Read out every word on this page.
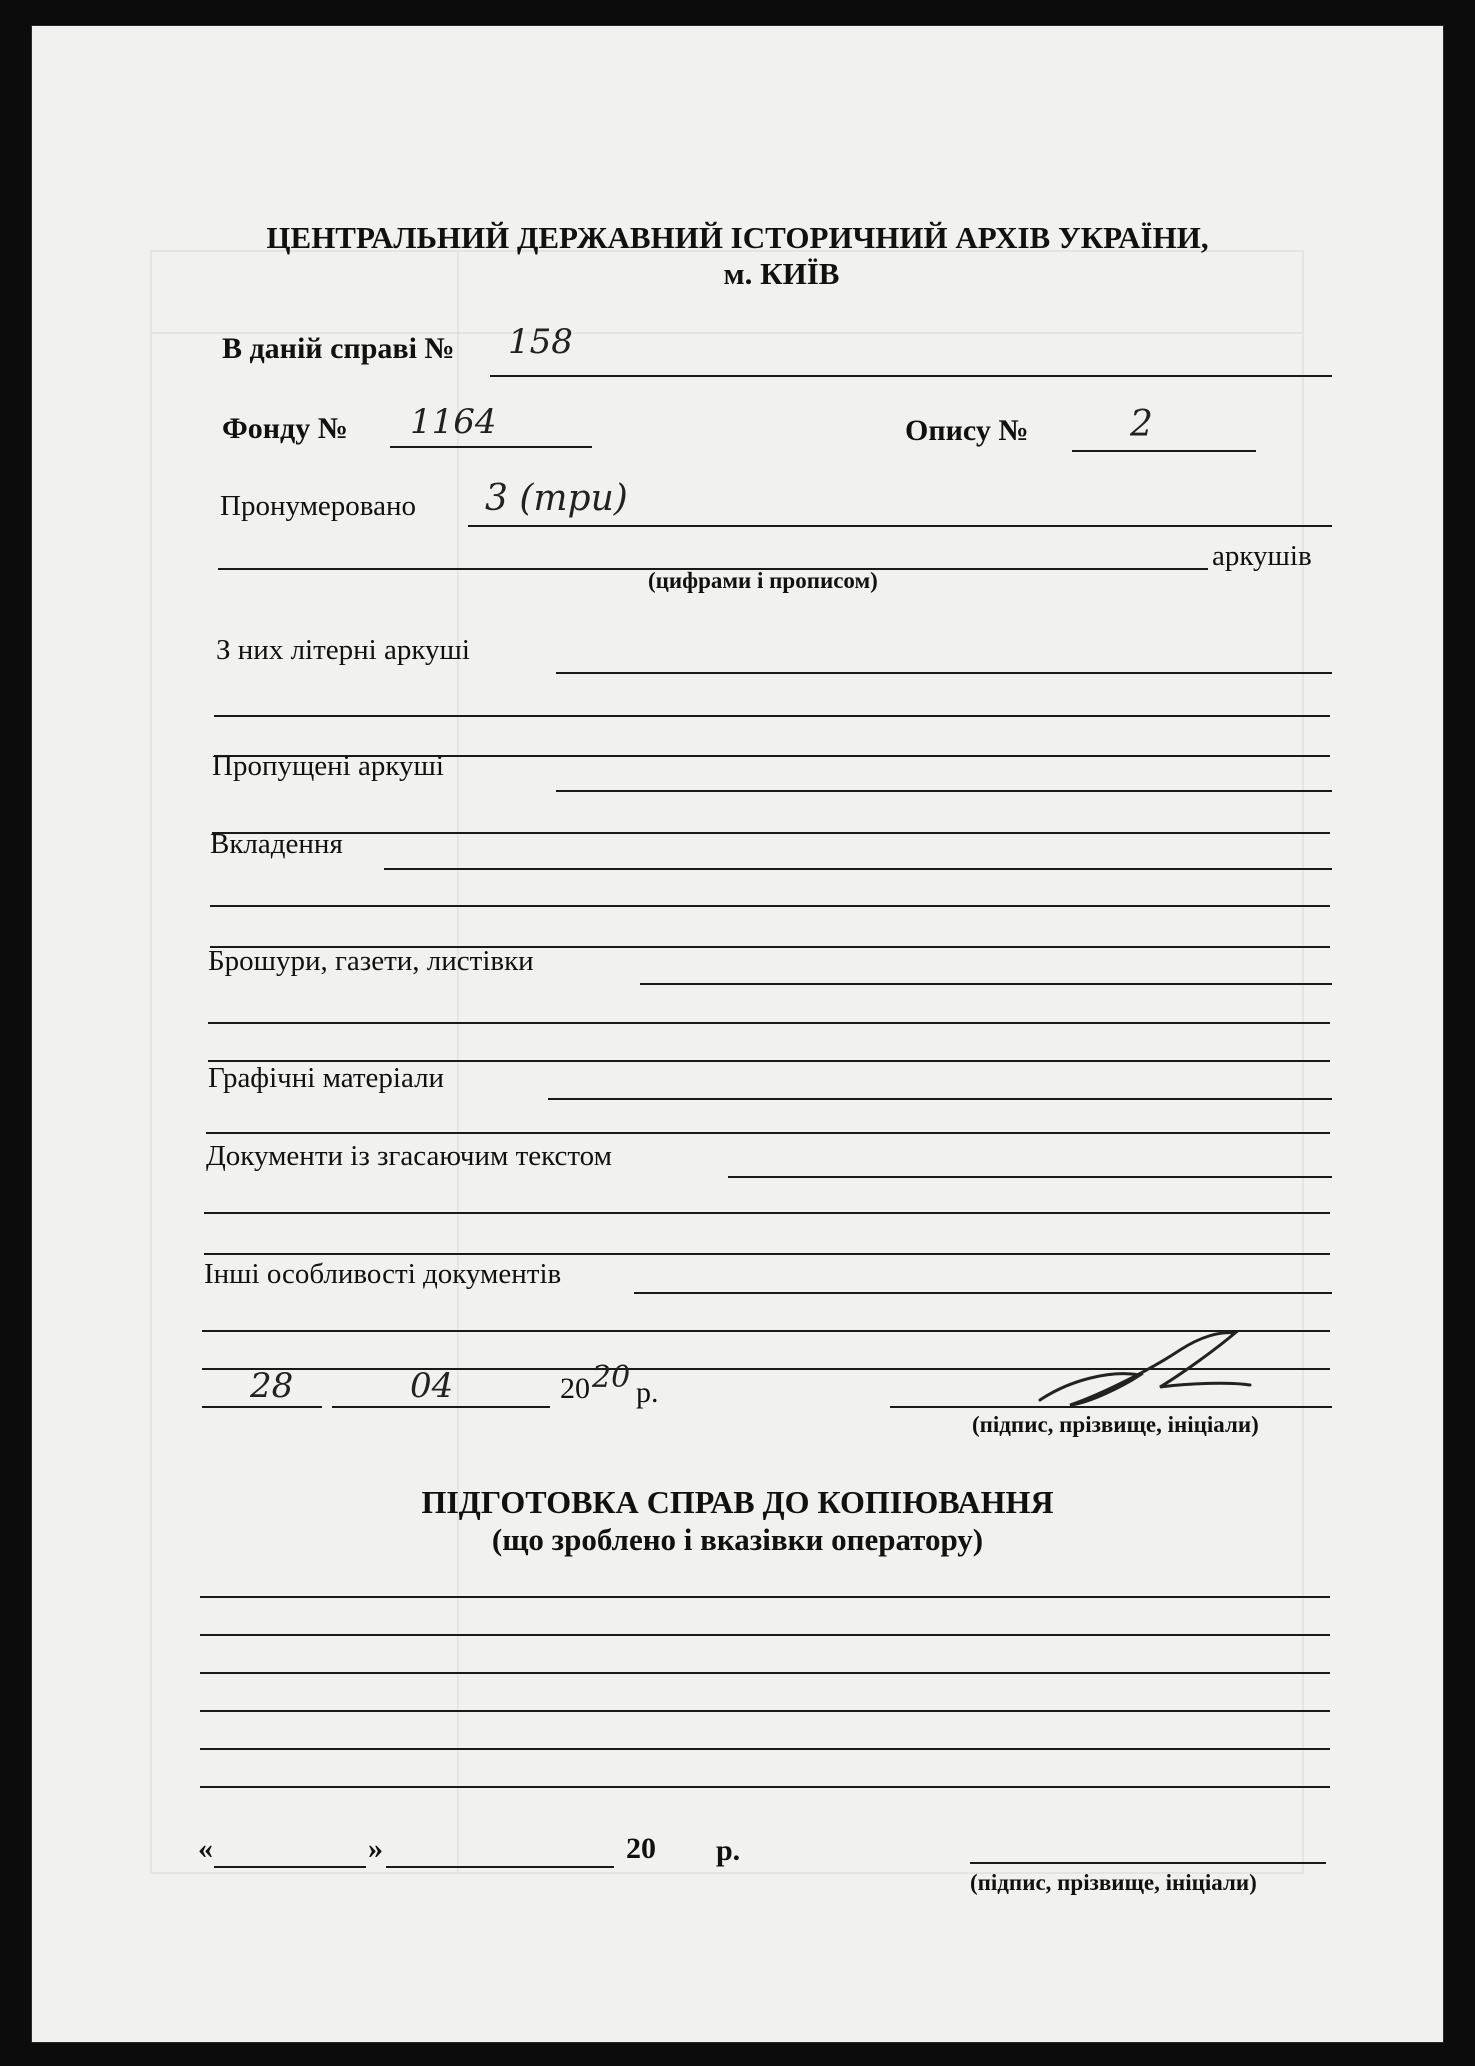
ЦЕНТРАЛЬНИЙ ДЕРЖАВНИЙ ІСТОРИЧНИЙ АРХІВ УКРАЇНИ,
м. КИЇВ
В даній справі № 158
Фонду № 1164	Опису №	2
Пронумеровано 3 (три)
аркушів
(цифрами і прописом)
З них літерні аркуші
Пропущені аркуші
Вкладення
Брошури, газети, листівки
Графічні матеріали
Документи із згасаючим текстом
Інші особливості документів
28	04	20 20 р.
(підпис, прізвище, ініціали)
ПІДГОТОВКА СПРАВ ДО КОПІЮВАННЯ
(що зроблено і вказівки оператору)
«	»	20 р.
(підпис, прізвище, ініціали)
